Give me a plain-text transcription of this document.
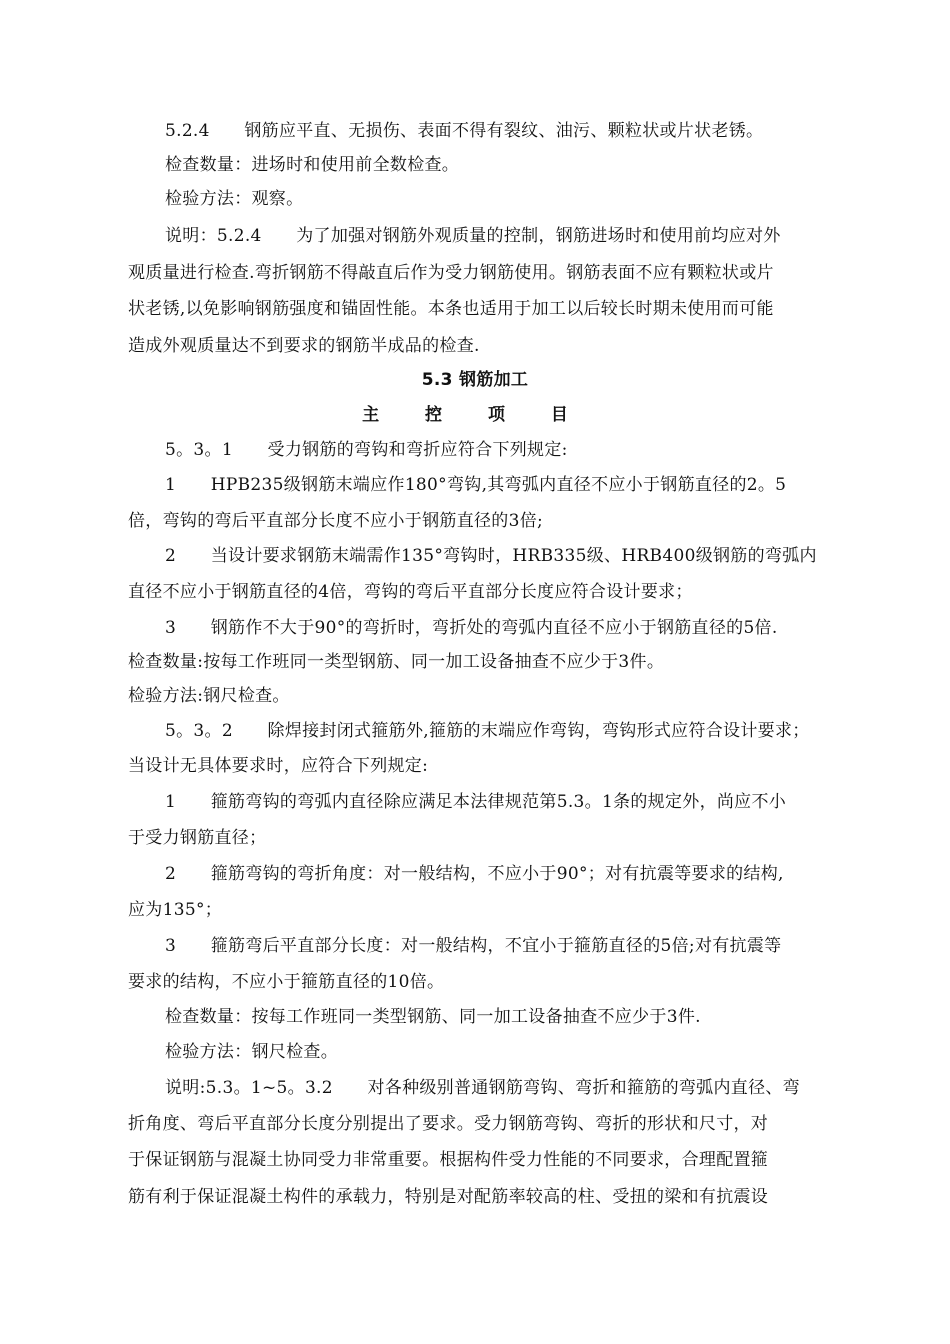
5.2.4　　钢筋应平直、无损伤、表面不得有裂纹、油污、颗粒状或片状老锈。
检查数量：进场时和使用前全数检查。
检验方法：观察。
说明：5.2.4　　为了加强对钢筋外观质量的控制，钢筋进场时和使用前均应对外
观质量进行检查.弯折钢筋不得敲直后作为受力钢筋使用。钢筋表面不应有颗粒状或片
状老锈,以免影响钢筋强度和锚固性能。本条也适用于加工以后较长时期未使用而可能
造成外观质量达不到要求的钢筋半成品的检查.
5.3 钢筋加工
主 控 项 目
5。3。1　　受力钢筋的弯钩和弯折应符合下列规定:
1　　HPB235级钢筋末端应作180°弯钩,其弯弧内直径不应小于钢筋直径的2。5
倍，弯钩的弯后平直部分长度不应小于钢筋直径的3倍;
2　　当设计要求钢筋末端需作135°弯钩时，HRB335级、HRB400级钢筋的弯弧内
直径不应小于钢筋直径的4倍，弯钩的弯后平直部分长度应符合设计要求；
3　　钢筋作不大于90°的弯折时，弯折处的弯弧内直径不应小于钢筋直径的5倍.
检查数量:按每工作班同一类型钢筋、同一加工设备抽查不应少于3件。
检验方法:钢尺检查。
5。3。2　　除焊接封闭式箍筋外,箍筋的末端应作弯钩，弯钩形式应符合设计要求；
当设计无具体要求时，应符合下列规定:
1　　箍筋弯钩的弯弧内直径除应满足本法律规范第5.3。1条的规定外，尚应不小
于受力钢筋直径；
2　　箍筋弯钩的弯折角度：对一般结构，不应小于90°；对有抗震等要求的结构,
应为135°；
3　　箍筋弯后平直部分长度：对一般结构，不宜小于箍筋直径的5倍;对有抗震等
要求的结构，不应小于箍筋直径的10倍。
检查数量：按每工作班同一类型钢筋、同一加工设备抽查不应少于3件.
检验方法：钢尺检查。
说明:5.3。1~5。3.2　　对各种级别普通钢筋弯钩、弯折和箍筋的弯弧内直径、弯
折角度、弯后平直部分长度分别提出了要求。受力钢筋弯钩、弯折的形状和尺寸，对
于保证钢筋与混凝土协同受力非常重要。根据构件受力性能的不同要求，合理配置箍
筋有利于保证混凝土构件的承载力，特别是对配筋率较高的柱、受扭的梁和有抗震设
